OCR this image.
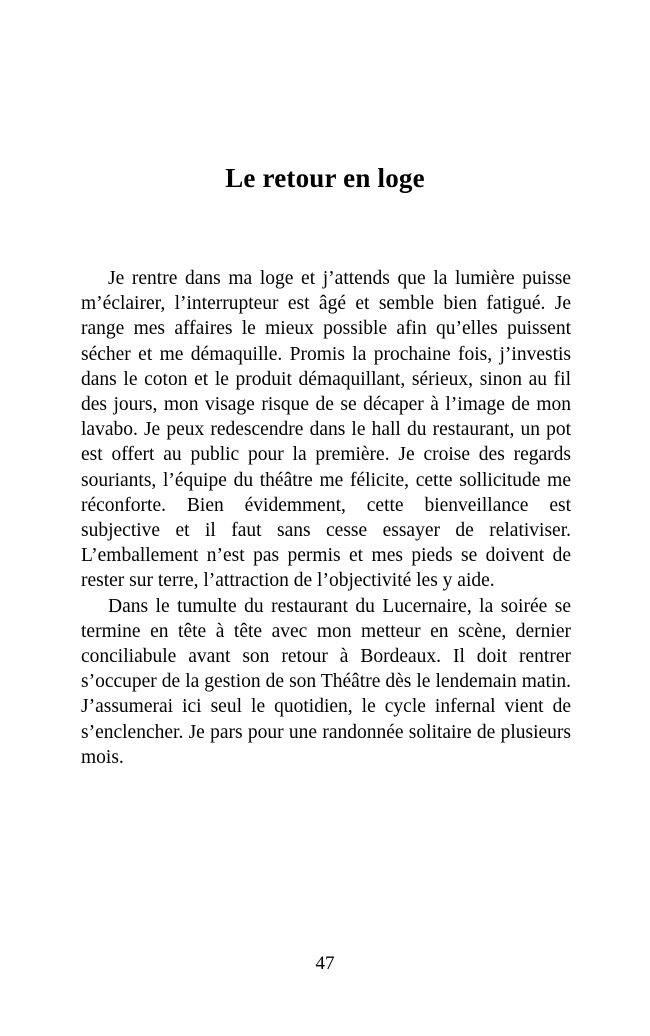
Le retour en loge

Je rentre dans ma loge et j’attends que la lumière puisse m’éclairer, l’interrupteur est âgé et semble bien fatigué. Je range mes affaires le mieux possible afin qu’elles puissent sécher et me démaquille. Promis la prochaine fois, j’investis dans le coton et le produit démaquillant, sérieux, sinon au fil des jours, mon visage risque de se décaper à l’image de mon lavabo. Je peux redescendre dans le hall du restaurant, un pot est offert au public pour la première. Je croise des regards souriants, l’équipe du théâtre me félicite, cette sollicitude me réconforte. Bien évidemment, cette bienveillance est subjective et il faut sans cesse essayer de relativiser. L’emballement n’est pas permis et mes pieds se doivent de rester sur terre, l’attraction de l’objectivité les y aide.

Dans le tumulte du restaurant du Lucernaire, la soirée se termine en tête à tête avec mon metteur en scène, dernier conciliabule avant son retour à Bordeaux. Il doit rentrer s’occuper de la gestion de son Théâtre dès le lendemain matin. J’assumerai ici seul le quotidien, le cycle infernal vient de s’enclencher. Je pars pour une randonnée solitaire de plusieurs mois.

47
